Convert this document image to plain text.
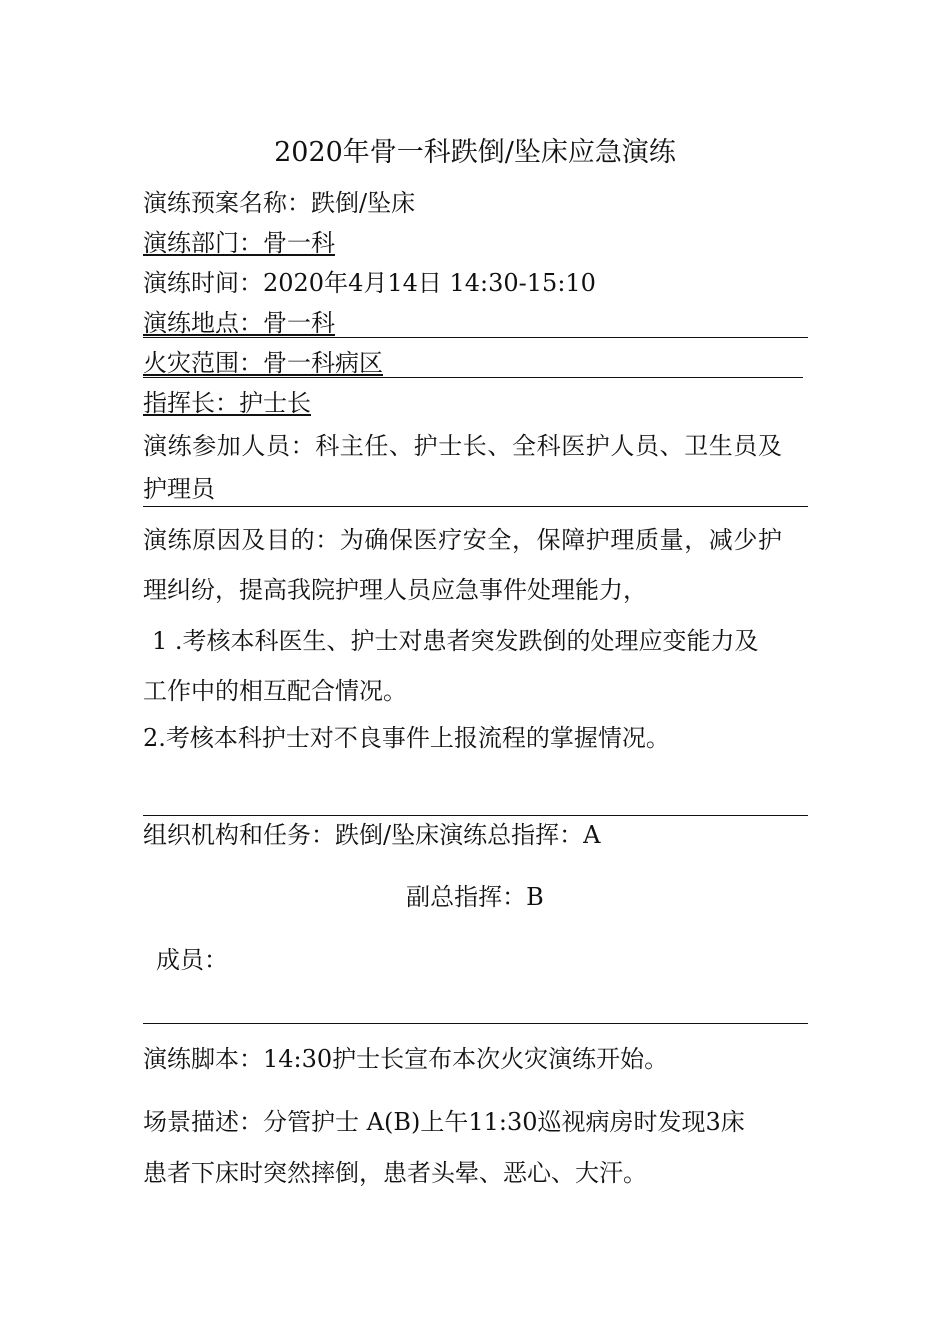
2020年骨一科跌倒/坠床应急演练
演练预案名称：跌倒/坠床
演练部门：骨一科
演练时间：2020年4月14日 14:30-15:10
演练地点：骨一科
火灾范围：骨一科病区
指挥长：护士长
演练参加人员：科主任、护士长、全科医护人员、卫生员及
护理员
演练原因及目的：为确保医疗安全，保障护理质量，减少护
理纠纷，提高我院护理人员应急事件处理能力，
1 .考核本科医生、护士对患者突发跌倒的处理应变能力及
工作中的相互配合情况。
2.考核本科护士对不良事件上报流程的掌握情况。
组织机构和任务：跌倒/坠床演练总指挥：A
副总指挥：B
成员：
演练脚本：14:30护士长宣布本次火灾演练开始。
场景描述：分管护士 A(B)上午11:30巡视病房时发现3床
患者下床时突然摔倒，患者头晕、恶心、大汗。
